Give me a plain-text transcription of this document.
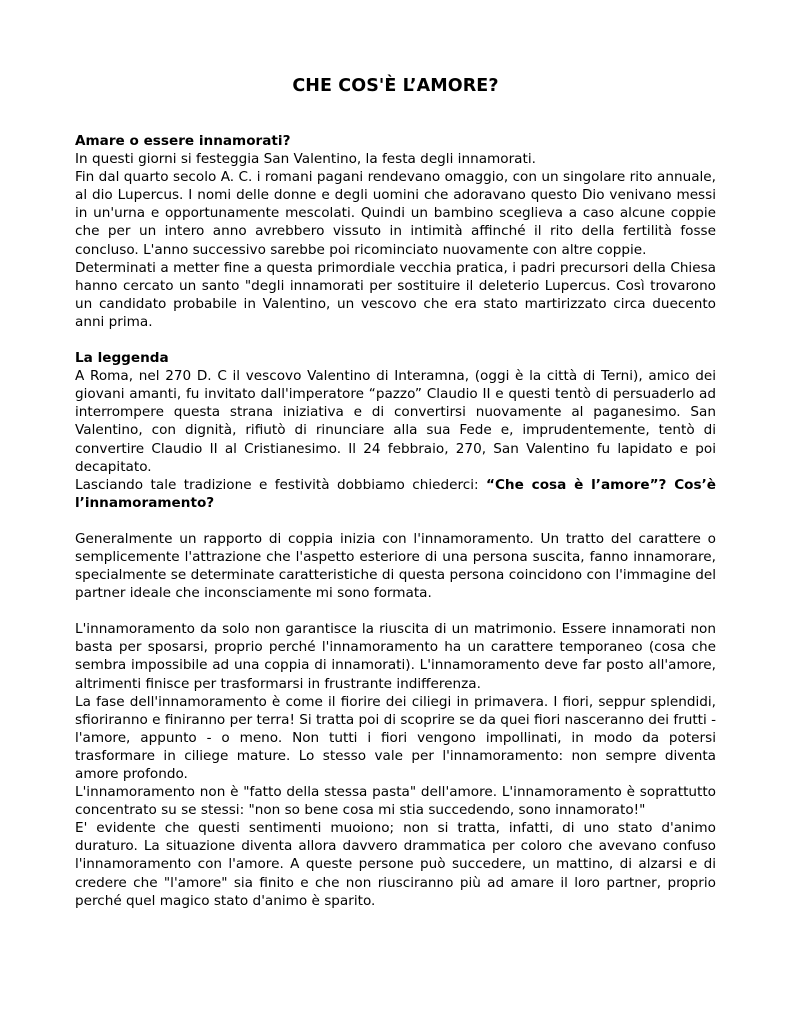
CHE COS'È L’AMORE?
Amare o essere innamorati?

In questi giorni si festeggia San Valentino, la festa degli innamorati.

Fin dal quarto secolo A. C. i romani pagani rendevano omaggio, con un singolare rito annuale, al dio Lupercus. I nomi delle donne e degli uomini che adoravano questo Dio venivano messi in un'urna e opportunamente mescolati. Quindi un bambino sceglieva a caso alcune coppie che per un intero anno avrebbero vissuto in intimità affinché il rito della fertilità fosse concluso. L'anno successivo sarebbe poi ricominciato nuovamente con altre coppie.

Determinati a metter fine a questa primordiale vecchia pratica, i padri precursori della Chiesa hanno cercato un santo "degli innamorati per sostituire il deleterio Lupercus. Così trovarono un candidato probabile in Valentino, un vescovo che era stato martirizzato circa duecento anni prima.

La leggenda

A Roma, nel 270 D. C il vescovo Valentino di Interamna, (oggi è la città di Terni), amico dei giovani amanti, fu invitato dall'imperatore “pazzo” Claudio II e questi tentò di persuaderlo ad interrompere questa strana iniziativa e di convertirsi nuovamente al paganesimo. San Valentino, con dignità, rifiutò di rinunciare alla sua Fede e, imprudentemente, tentò di convertire Claudio II al Cristianesimo. Il 24 febbraio, 270, San Valentino fu lapidato e poi decapitato.

Lasciando tale tradizione e festività dobbiamo chiederci: “Che cosa è l’amore”? Cos’è l’innamoramento?

Generalmente un rapporto di coppia inizia con l'innamoramento. Un tratto del carattere o semplicemente l'attrazione che l'aspetto esteriore di una persona suscita, fanno innamorare, specialmente se determinate caratteristiche di questa persona coincidono con l'immagine del partner ideale che inconsciamente mi sono formata.

L'innamoramento da solo non garantisce la riuscita di un matrimonio. Essere innamorati non basta per sposarsi, proprio perché l'innamoramento ha un carattere temporaneo (cosa che sembra impossibile ad una coppia di innamorati). L'innamoramento deve far posto all'amore, altrimenti finisce per trasformarsi in frustrante indifferenza.

La fase dell'innamoramento è come il fiorire dei ciliegi in primavera. I fiori, seppur splendidi, sfioriranno e finiranno per terra! Si tratta poi di scoprire se da quei fiori nasceranno dei frutti - l'amore, appunto - o meno. Non tutti i fiori vengono impollinati, in modo da potersi trasformare in ciliege mature. Lo stesso vale per l'innamoramento: non sempre diventa amore profondo.

L'innamoramento non è "fatto della stessa pasta" dell'amore. L'innamoramento è soprattutto concentrato su se stessi: "non so bene cosa mi stia succedendo, sono innamorato!"

E' evidente che questi sentimenti muoiono; non si tratta, infatti, di uno stato d'animo duraturo. La situazione diventa allora davvero drammatica per coloro che avevano confuso l'innamoramento con l'amore. A queste persone può succedere, un mattino, di alzarsi e di credere che "l'amore" sia finito e che non riusciranno più ad amare il loro partner, proprio perché quel magico stato d'animo è sparito.
